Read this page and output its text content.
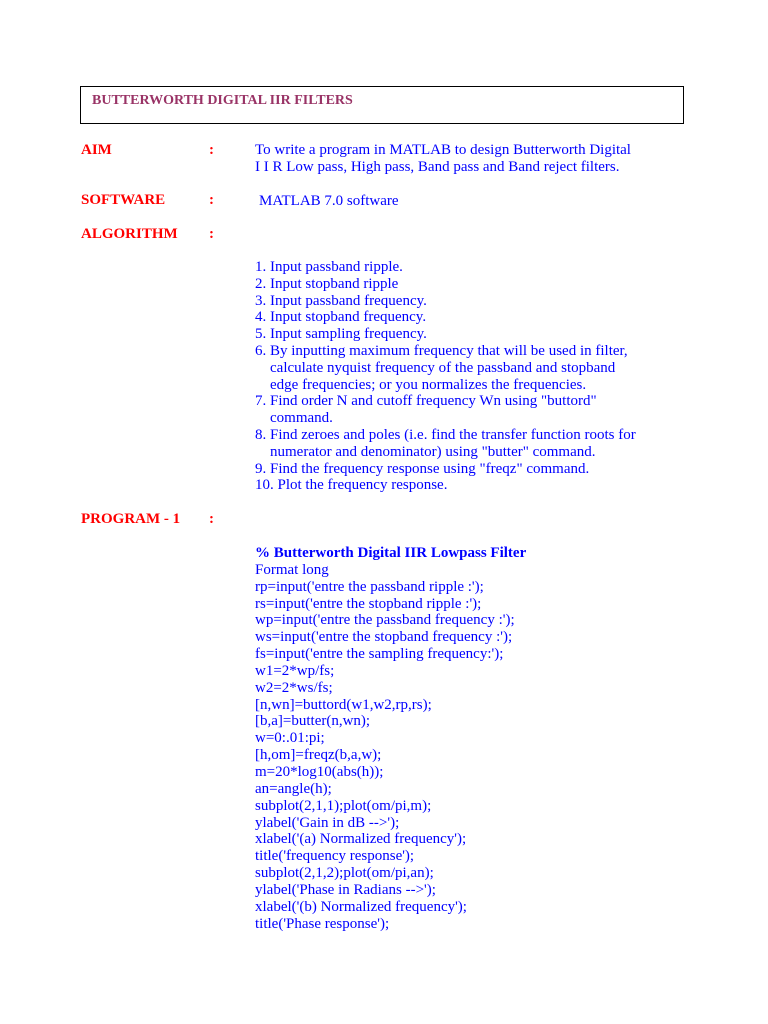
BUTTERWORTH DIGITAL IIR FILTERS
AIM	:	To write a program in MATLAB to design Butterworth Digital
I I R Low pass, High pass, Band pass and Band reject filters.
SOFTWARE	:	MATLAB 7.0 software
ALGORITHM :
1. Input passband ripple.
2. Input stopband ripple
3. Input passband frequency.
4. Input stopband frequency.
5. Input sampling frequency.
6. By inputting maximum frequency that will be used in filter,
calculate nyquist frequency of the passband and stopband
edge frequencies; or you normalizes the frequencies.
7. Find order N and cutoff frequency Wn using "buttord"
command.
8. Find zeroes and poles (i.e. find the transfer function roots for
numerator and denominator) using "butter" command.
9. Find the frequency response using "freqz" command.
10. Plot the frequency response.
PROGRAM - 1 :
% Butterworth Digital IIR Lowpass Filter
Format long
rp=input('entre the passband ripple :');
rs=input('entre the stopband ripple :');
wp=input('entre the passband frequency :');
ws=input('entre the stopband frequency :');
fs=input('entre the sampling frequency:');
w1=2*wp/fs;
w2=2*ws/fs;
[n,wn]=buttord(w1,w2,rp,rs);
[b,a]=butter(n,wn);
w=0:.01:pi;
[h,om]=freqz(b,a,w);
m=20*log10(abs(h));
an=angle(h);
subplot(2,1,1);plot(om/pi,m);
ylabel('Gain in dB -->');
xlabel('(a) Normalized frequency');
title('frequency response');
subplot(2,1,2);plot(om/pi,an);
ylabel('Phase in Radians -->');
xlabel('(b) Normalized frequency');
title('Phase response');
